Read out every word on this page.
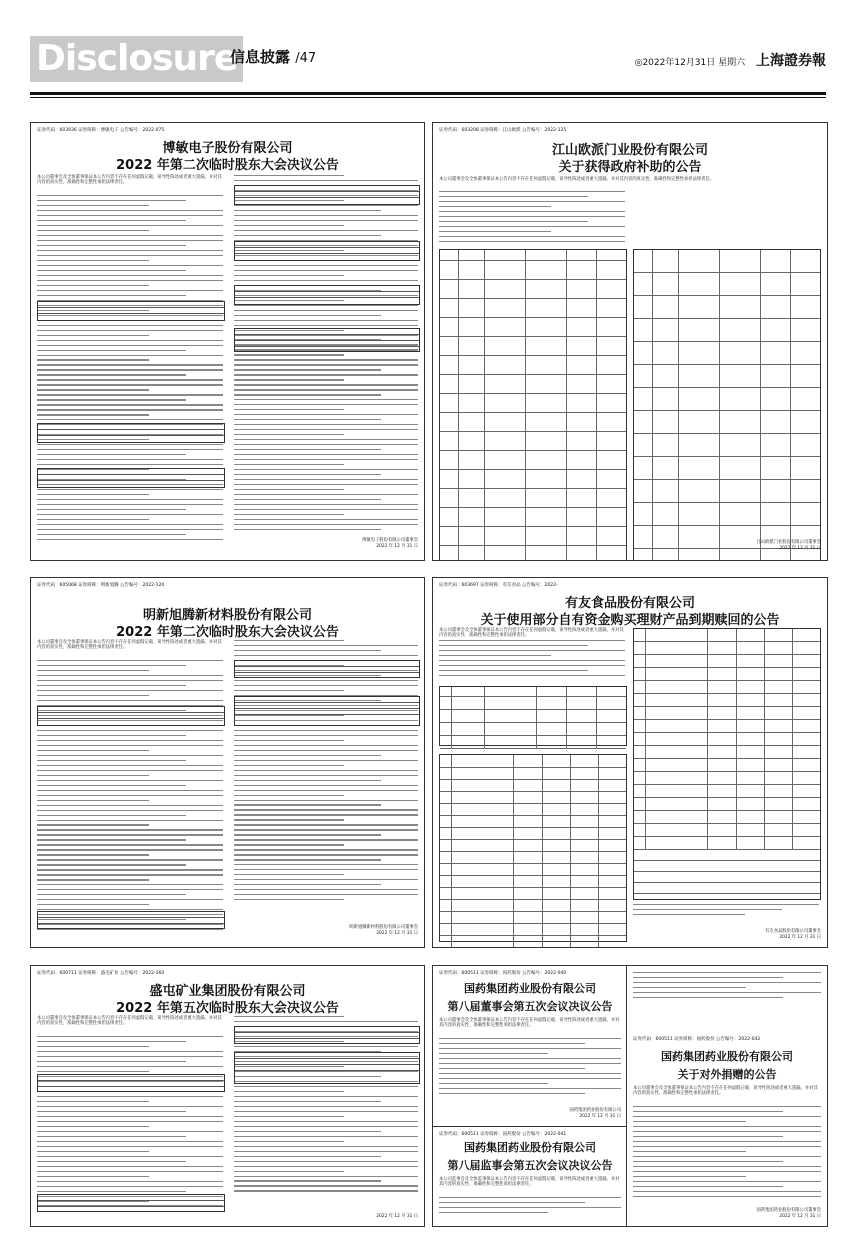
Disclosure
信息披露 /47	◎2022年12月31日 星期六 上海證券報
证券代码：603936 证券简称：博敏电子 公告编号：2022-075
博敏电子股份有限公司
2022 年第二次临时股东大会决议公告
本公司董事会及全体董事保证本公告内容不存在任何虚假记载、误导性陈述或者重大遗漏，并对其内容的真实性、准确性和完整性承担法律责任。
博敏电子股份有限公司董事会
2022 年 12 月 31 日
证券代码：603208 证券简称：江山欧派 公告编号：2022-125
江山欧派门业股份有限公司
关于获得政府补助的公告
本公司董事会及全体董事保证本公告内容不存在任何虚假记载、误导性陈述或者重大遗漏，并对其内容的真实性、准确性和完整性承担法律责任。
江山欧派门业股份有限公司董事会
2022 年 12 月 31 日
证券代码：605068 证券简称：明新旭腾 公告编号：2022-120
明新旭腾新材料股份有限公司
2022 年第二次临时股东大会决议公告
本公司董事会及全体董事保证本公告内容不存在任何虚假记载、误导性陈述或者重大遗漏，并对其内容的真实性、准确性和完整性承担法律责任。
明新旭腾新材料股份有限公司董事会
2022 年 12 月 31 日
证券代码：603697 证券简称：有友食品 公告编号：2022-
有友食品股份有限公司
关于使用部分自有资金购买理财产品到期赎回的公告
本公司董事会及全体董事保证本公告内容不存在任何虚假记载、误导性陈述或者重大遗漏，并对其内容的真实性、准确性和完整性承担法律责任。
有友食品股份有限公司董事会
2022 年 12 月 31 日
证券代码：600711 证券简称：盛屯矿业 公告编号：2022-160
盛屯矿业集团股份有限公司
2022 年第五次临时股东大会决议公告
本公司董事会及全体董事保证本公告内容不存在任何虚假记载、误导性陈述或者重大遗漏，并对其内容的真实性、准确性和完整性承担法律责任。
2022 年 12 月 31 日
证券代码：600511 证券简称：国药股份 公告编号：2022-040
国药集团药业股份有限公司
第八届董事会第五次会议决议公告
本公司董事会及全体董事保证本公告内容不存在任何虚假记载、误导性陈述或者重大遗漏，并对其内容的真实性、准确性和完整性承担法律责任。
国药集团药业股份有限公司
2022 年 12 月 31 日
证券代码：600511 证券简称：国药股份 公告编号：2022-041
国药集团药业股份有限公司
第八届监事会第五次会议决议公告
本公司监事会及全体监事保证本公告内容不存在任何虚假记载、误导性陈述或者重大遗漏，并对其内容的真实性、准确性和完整性承担法律责任。
证券代码：600511 证券简称：国药股份 公告编号：2022-042
国药集团药业股份有限公司
关于对外捐赠的公告
本公司董事会及全体董事保证本公告内容不存在任何虚假记载、误导性陈述或者重大遗漏，并对其内容的真实性、准确性和完整性承担法律责任。
国药集团药业股份有限公司董事会
2022 年 12 月 31 日
